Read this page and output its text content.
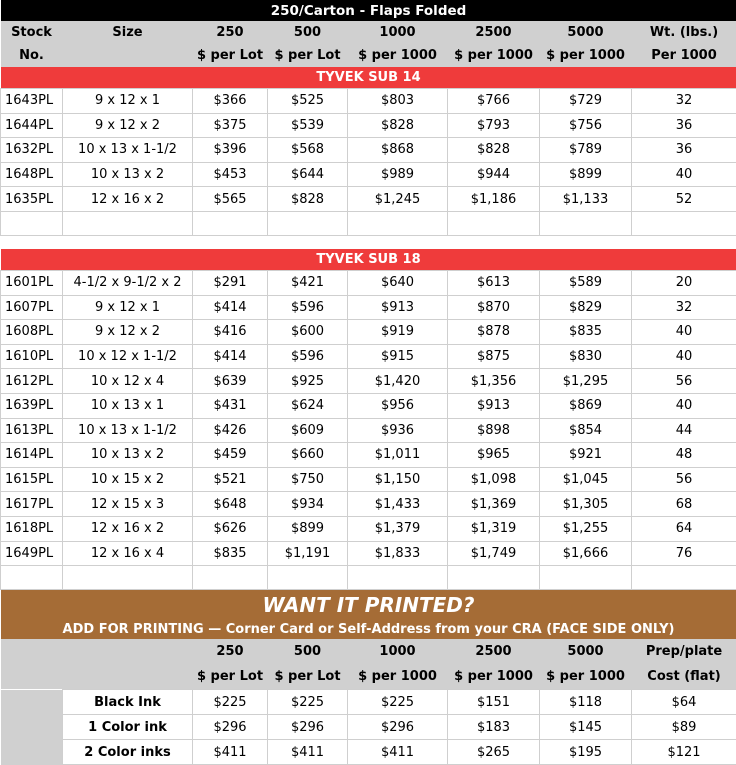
250/Carton - Flaps Folded							
Stock	Size	250	500	1000	2500	5000	Wt. (lbs.)
No.		$ per Lot	$ per Lot	$ per 1000	$ per 1000	$ per 1000	Per 1000
TYVEK SUB 14							
1643PL	9 x 12 x 1	$366	$525	$803	$766	$729	32
1644PL	9 x 12 x 2	$375	$539	$828	$793	$756	36
1632PL	10 x 13 x 1-1/2	$396	$568	$868	$828	$789	36
1648PL	10 x 13 x 2	$453	$644	$989	$944	$899	40
1635PL	12 x 16 x 2	$565	$828	$1,245	$1,186	$1,133	52

TYVEK SUB 18							
1601PL	4-1/2 x 9-1/2 x 2	$291	$421	$640	$613	$589	20
1607PL	9 x 12 x 1	$414	$596	$913	$870	$829	32
1608PL	9 x 12 x 2	$416	$600	$919	$878	$835	40
1610PL	10 x 12 x 1-1/2	$414	$596	$915	$875	$830	40
1612PL	10 x 12 x 4	$639	$925	$1,420	$1,356	$1,295	56
1639PL	10 x 13 x 1	$431	$624	$956	$913	$869	40
1613PL	10 x 13 x 1-1/2	$426	$609	$936	$898	$854	44
1614PL	10 x 13 x 2	$459	$660	$1,011	$965	$921	48
1615PL	10 x 15 x 2	$521	$750	$1,150	$1,098	$1,045	56
1617PL	12 x 15 x 3	$648	$934	$1,433	$1,369	$1,305	68
1618PL	12 x 16 x 2	$626	$899	$1,379	$1,319	$1,255	64
1649PL	12 x 16 x 4	$835	$1,191	$1,833	$1,749	$1,666	76

WANT IT PRINTED?							
ADD FOR PRINTING — Corner Card or Self-Address from your CRA (FACE SIDE ONLY)							
		250	500	1000	2500	5000	Prep/plate
		$ per Lot	$ per Lot	$ per 1000	$ per 1000	$ per 1000	Cost (flat)
	Black Ink	$225	$225	$225	$151	$118	$64
	1 Color ink	$296	$296	$296	$183	$145	$89
	2 Color inks	$411	$411	$411	$265	$195	$121
